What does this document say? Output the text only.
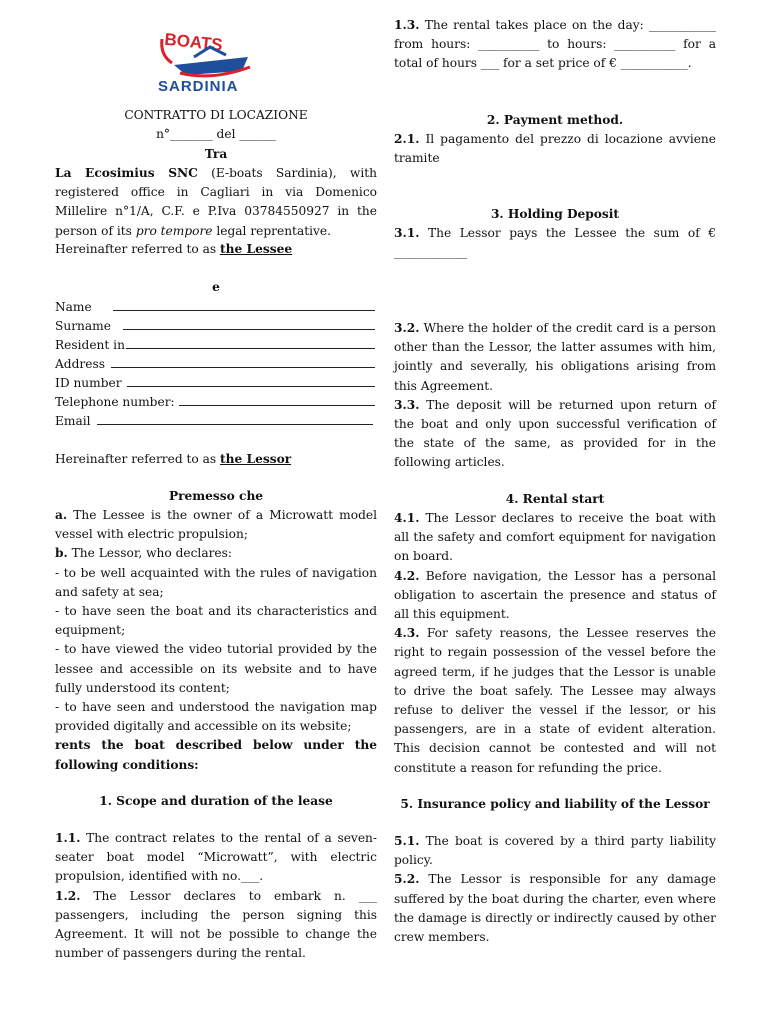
BOATS
SARDINIA
CONTRATTO DI LOCAZIONE
n°_______ del ______
Tra

La Ecosimius SNC (E-boats Sardinia), with registered office in Cagliari in via Domenico Millelire n°1/A, C.F. e P.Iva 03784550927 in the person of its pro tempore legal reprentative.

Hereinafter referred to as the Lessee

e
Name
Surname
Resident in
Address
ID number
Telephone number:
Email

Hereinafter referred to as the Lessor

Premesso che

a. The Lessee is the owner of a Microwatt model vessel with electric propulsion;

b. The Lessor, who declares:

- to be well acquainted with the rules of navigation and safety at sea;

- to have seen the boat and its characteristics and equipment;

- to have viewed the video tutorial provided by the lessee and accessible on its website and to have fully understood its content;

- to have seen and understood the navigation map provided digitally and accessible on its website;

rents the boat described below under the following conditions:

1. Scope and duration of the lease

1.1. The contract relates to the rental of a seven-seater boat model “Microwatt”, with electric propulsion, identified with no.___.

1.2. The Lessor declares to embark n. ___ passengers, including the person signing this Agreement. It will not be possible to change the number of passengers during the rental.

1.3. The rental takes place on the day: ___________ from hours: __________ to hours: __________ for a total of hours ___ for a set price of € ___________.

2. Payment method.

2.1. Il pagamento del prezzo di locazione avviene tramite

3. Holding Deposit

3.1. The Lessor pays the Lessee the sum of € ____________

3.2. Where the holder of the credit card is a person other than the Lessor, the latter assumes with him, jointly and severally, his obligations arising from this Agreement.

3.3. The deposit will be returned upon return of the boat and only upon successful verification of the state of the same, as provided for in the following articles.

4. Rental start

4.1. The Lessor declares to receive the boat with all the safety and comfort equipment for navigation on board.

4.2. Before navigation, the Lessor has a personal obligation to ascertain the presence and status of all this equipment.

4.3. For safety reasons, the Lessee reserves the right to regain possession of the vessel before the agreed term, if he judges that the Lessor is unable to drive the boat safely. The Lessee may always refuse to deliver the vessel if the lessor, or his passengers, are in a state of evident alteration. This decision cannot be contested and will not constitute a reason for refunding the price.

5. Insurance policy and liability of the Lessor

5.1. The boat is covered by a third party liability policy.

5.2. The Lessor is responsible for any damage suffered by the boat during the charter, even where the damage is directly or indirectly caused by other crew members.
